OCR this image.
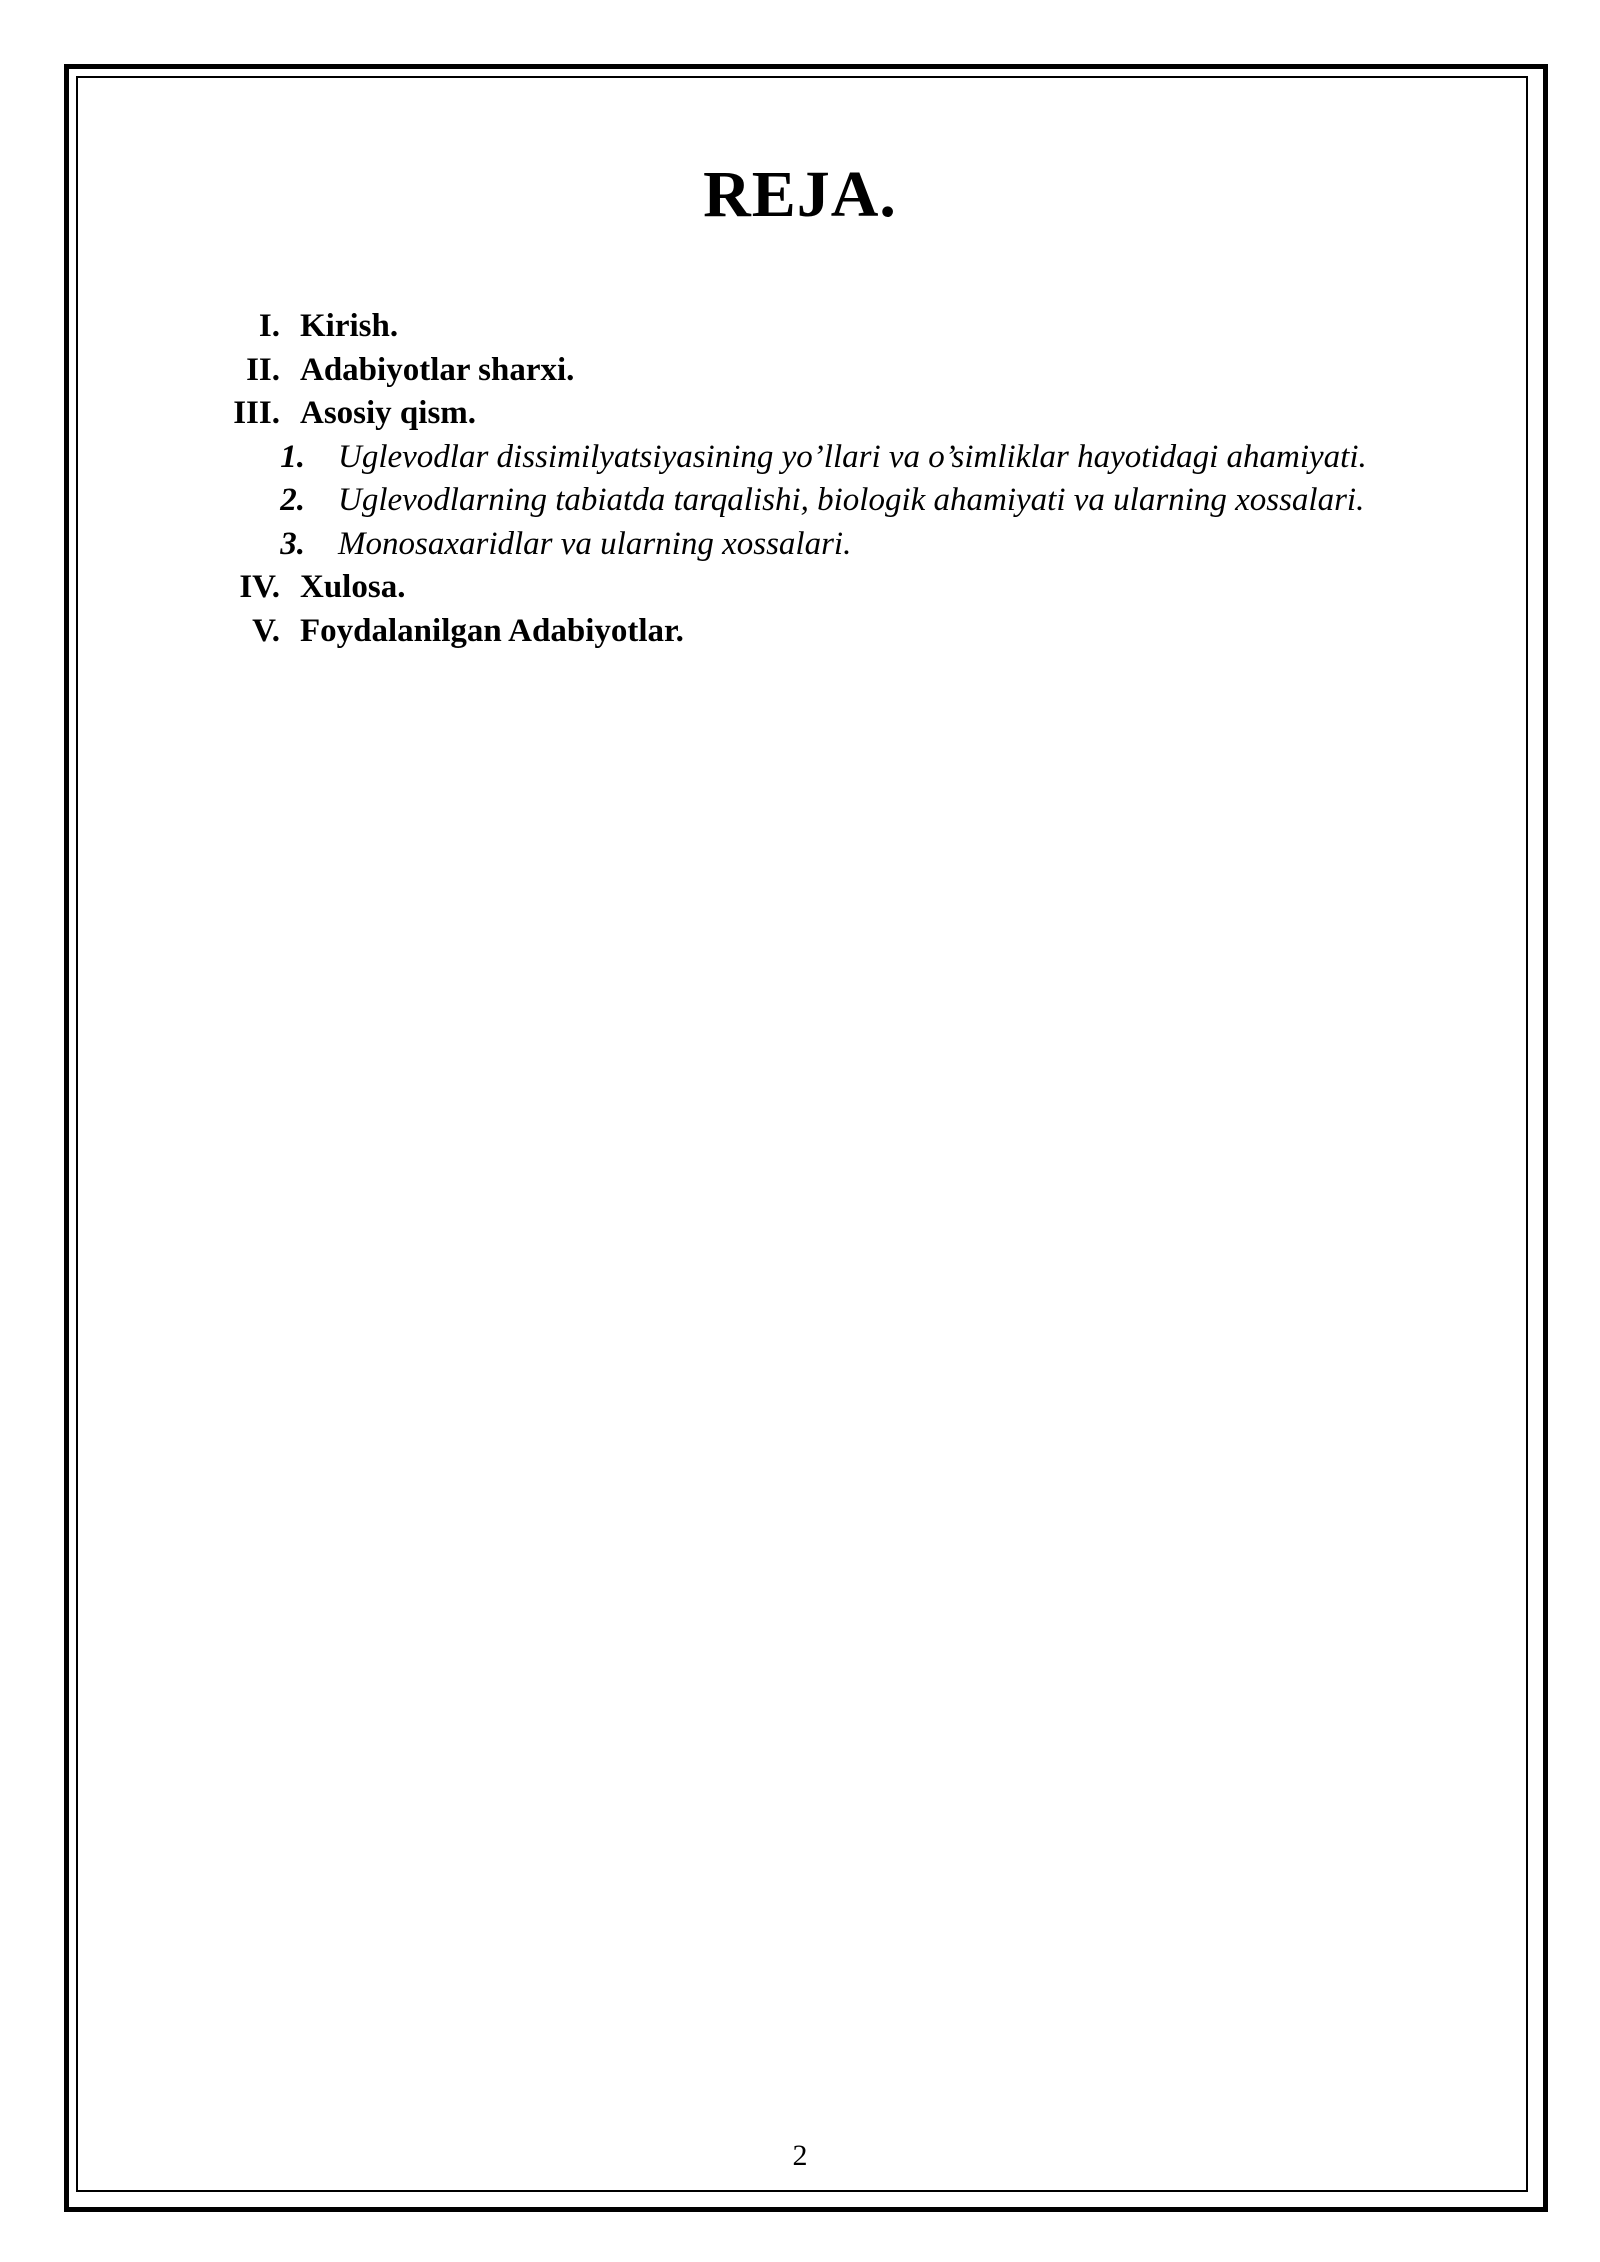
REJA.
I. Kirish.
II. Adabiyotlar sharxi.
III. Asosiy qism.
1.	Uglevodlar dissimilyatsiyasining yo’llari va o’simliklar hayotidagi ahamiyati.
2.	Uglevodlarning tabiatda tarqalishi, biologik ahamiyati va ularning xossalari.
3.	Monosaxaridlar va ularning xossalari.
IV. Xulosa.
V. Foydalanilgan Adabiyotlar.
2
